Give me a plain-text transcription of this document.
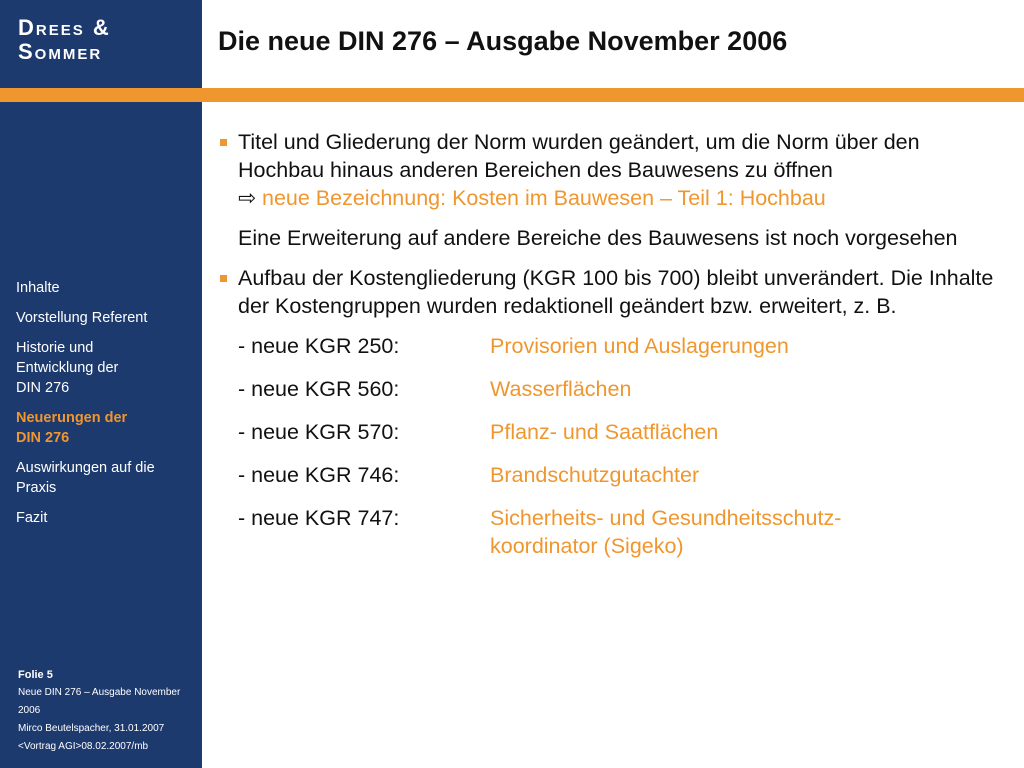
Drees &
Sommer
Inhalte
Vorstellung Referent
Historie und Entwicklung der DIN 276
Neuerungen der DIN 276
Auswirkungen auf die Praxis
Fazit
Folie 5
Neue DIN 276 – Ausgabe November 2006
Mirco Beutelspacher, 31.01.2007
<Vortrag AGI>08.02.2007/mb
Die neue DIN 276 – Ausgabe November 2006
Titel und Gliederung der Norm wurden geändert, um die Norm über den Hochbau hinaus anderen Bereichen des Bauwesens zu öffnen
⇨ neue Bezeichnung: Kosten im Bauwesen – Teil 1: Hochbau
Eine Erweiterung auf andere Bereiche des Bauwesens ist noch vorgesehen
Aufbau der Kostengliederung (KGR 100 bis 700) bleibt unverändert. Die Inhalte der Kostengruppen wurden redaktionell geändert bzw. erweitert, z. B.
- neue KGR 250:	Provisorien und Auslagerungen
- neue KGR 560:	Wasserflächen
- neue KGR 570:	Pflanz- und Saatflächen
- neue KGR 746:	Brandschutzgutachter
- neue KGR 747:	Sicherheits- und Gesundheitsschutz-koordinator (Sigeko)
